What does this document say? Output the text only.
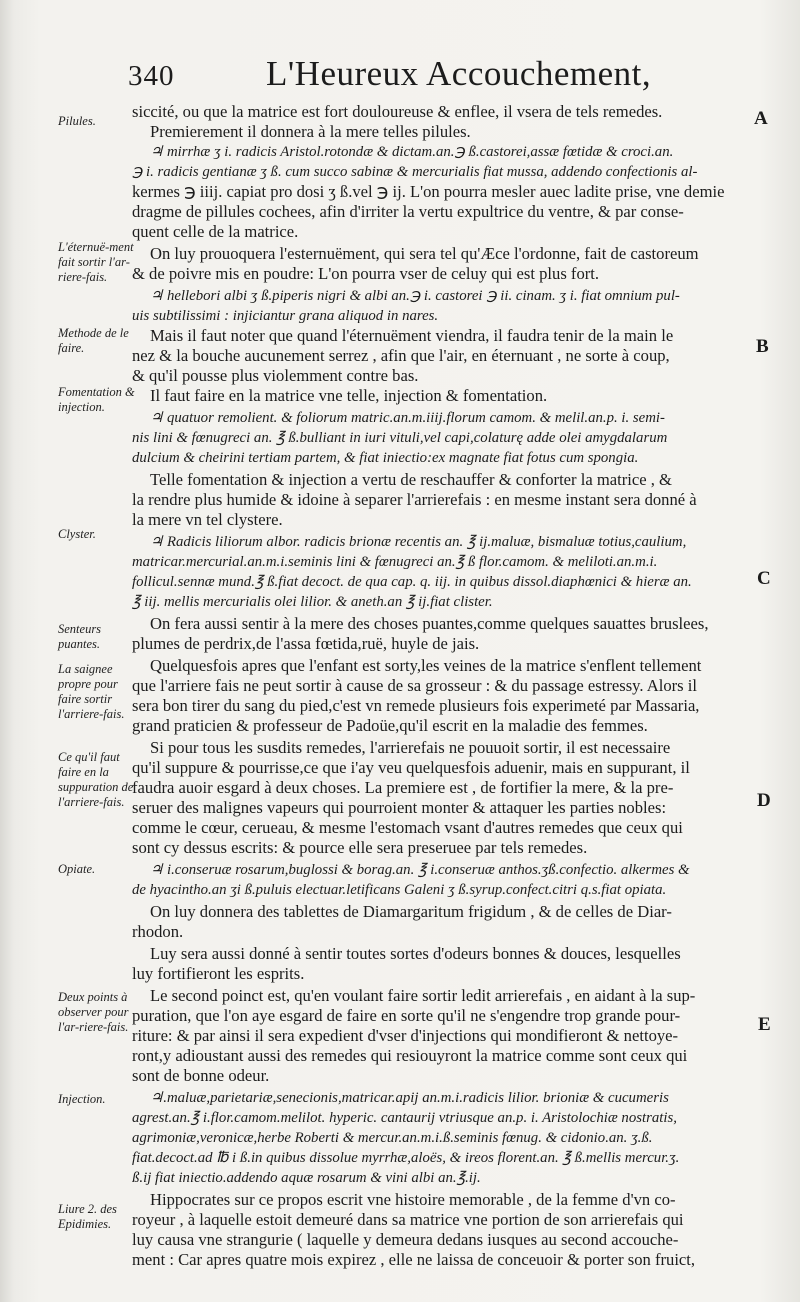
340	L'Heureux Accouchement,
A
B
C
D
E
Pilules.
L'éternuë-ment fait sortir l'ar-riere-fais.
Methode de le faire.
Fomentation & injection.
Clyster.
Senteurs puantes.
La saignee propre pour faire sortir l'arriere-fais.
Ce qu'il faut faire en la suppuration de l'arriere-fais.
Opiate.
Deux points à observer pour l'ar-riere-fais.
Injection.
Liure 2. des Epidimies.
siccité, ou que la matrice est fort douloureuse & enflee, il vsera de tels remedes.
Premierement il donnera à la mere telles pilules.
♃ mirrhæ ʒ i. radicis Aristol.rotondæ & dictam.an.℈ ß.castorei,assæ fœtidæ & croci.an.
℈ i. radicis gentianæ ʒ ß. cum succo sabinæ & mercurialis fiat mussa, addendo confectionis al-
kermes ℈ iiij. capiat pro dosi ʒ ß.vel ℈ ij. L'on pourra mesler auec ladite prise, vne demie
dragme de pillules cochees, afin d'irriter la vertu expultrice du ventre, & par conse-
quent celle de la matrice.
On luy prouoquera l'esternuëment, qui sera tel qu'Æce l'ordonne, fait de castoreum
& de poivre mis en poudre: L'on pourra vser de celuy qui est plus fort.
♃ hellebori albi ʒ ß.piperis nigri & albi an.℈ i. castorei ℈ ii. cinam. ʒ i. fiat omnium pul-
uis subtilissimi : injiciantur grana aliquod in nares.
Mais il faut noter que quand l'éternuëment viendra, il faudra tenir de la main le
nez & la bouche aucunement serrez , afin que l'air, en éternuant , ne sorte à coup,
& qu'il pousse plus violemment contre bas.
Il faut faire en la matrice vne telle, injection & fomentation.
♃ quatuor remolient. & foliorum matric.an.m.iiij.florum camom. & melil.an.p. i. semi-
nis lini & fœnugreci an. ℥ ß.bulliant in iuri vituli,vel capi,colaturę adde olei amygdalarum
dulcium & cheirini tertiam partem, & fiat iniectio:ex magnate fiat fotus cum spongia.
Telle fomentation & injection a vertu de reschauffer & conforter la matrice , &
la rendre plus humide & idoine à separer l'arrierefais : en mesme instant sera donné à
la mere vn tel clystere.
♃ Radicis liliorum albor. radicis brionæ recentis an. ℥ ij.maluæ, bismaluæ totius,caulium,
matricar.mercurial.an.m.i.seminis lini & fœnugreci an.℥ ß flor.camom. & meliloti.an.m.i.
follicul.sennæ mund.℥ ß.fiat decoct. de qua cap. q. iij. in quibus dissol.diaphœnici & hieræ an.
℥ iij. mellis mercurialis olei lilior. & aneth.an ℥ ij.fiat clister.
On fera aussi sentir à la mere des choses puantes,comme quelques sauattes bruslees,
plumes de perdrix,de l'assa fœtida,ruë, huyle de jais.
Quelquesfois apres que l'enfant est sorty,les veines de la matrice s'enflent tellement
que l'arriere fais ne peut sortir à cause de sa grosseur : & du passage estressy. Alors il
sera bon tirer du sang du pied,c'est vn remede plusieurs fois experimeté par Massaria,
grand praticien & professeur de Padoüe,qu'il escrit en la maladie des femmes.
Si pour tous les susdits remedes, l'arrierefais ne pouuoit sortir, il est necessaire
qu'il suppure & pourrisse,ce que i'ay veu quelquesfois aduenir, mais en suppurant, il
faudra auoir esgard à deux choses. La premiere est , de fortifier la mere, & la pre-
seruer des malignes vapeurs qui pourroient monter & attaquer les parties nobles:
comme le cœur, cerueau, & mesme l'estomach vsant d'autres remedes que ceux qui
sont cy dessus escrits: & pource elle sera preseruee par tels remedes.
♃ i.conseruæ rosarum,buglossi & borag.an. ℥ i.conseruæ anthos.ʒß.confectio. alkermes &
de hyacintho.an ʒi ß.puluis electuar.letificans Galeni ʒ ß.syrup.confect.citri q.s.fiat opiata.
On luy donnera des tablettes de Diamargaritum frigidum , & de celles de Diar-
rhodon.
Luy sera aussi donné à sentir toutes sortes d'odeurs bonnes & douces, lesquelles
luy fortifieront les esprits.
Le second poinct est, qu'en voulant faire sortir ledit arrierefais , en aidant à la sup-
puration, que l'on aye esgard de faire en sorte qu'il ne s'engendre trop grande pour-
riture: & par ainsi il sera expedient d'vser d'injections qui mondifieront & nettoye-
ront,y adioustant aussi des remedes qui resiouyront la matrice comme sont ceux qui
sont de bonne odeur.
♃.maluæ,parietariæ,senecionis,matricar.apij an.m.i.radicis lilior. brioniæ & cucumeris
agrest.an.℥ i.flor.camom.melilot. hyperic. cantaurij vtriusque an.p. i. Aristolochiæ nostratis,
agrimoniæ,veronicæ,herbe Roberti & mercur.an.m.i.ß.seminis fœnug. & cidonio.an. ʒ.ß.
fiat.decoct.ad ℔ i ß.in quibus dissolue myrrhæ,aloës, & ireos florent.an. ℥ ß.mellis mercur.ʒ.
ß.ij fiat iniectio.addendo aquæ rosarum & vini albi an.℥.ij.
Hippocrates sur ce propos escrit vne histoire memorable , de la femme d'vn co-
royeur , à laquelle estoit demeuré dans sa matrice vne portion de son arrierefais qui
luy causa vne strangurie ( laquelle y demeura dedans iusques au second accouche-
ment : Car apres quatre mois expirez , elle ne laissa de conceuoir & porter son fruict,
